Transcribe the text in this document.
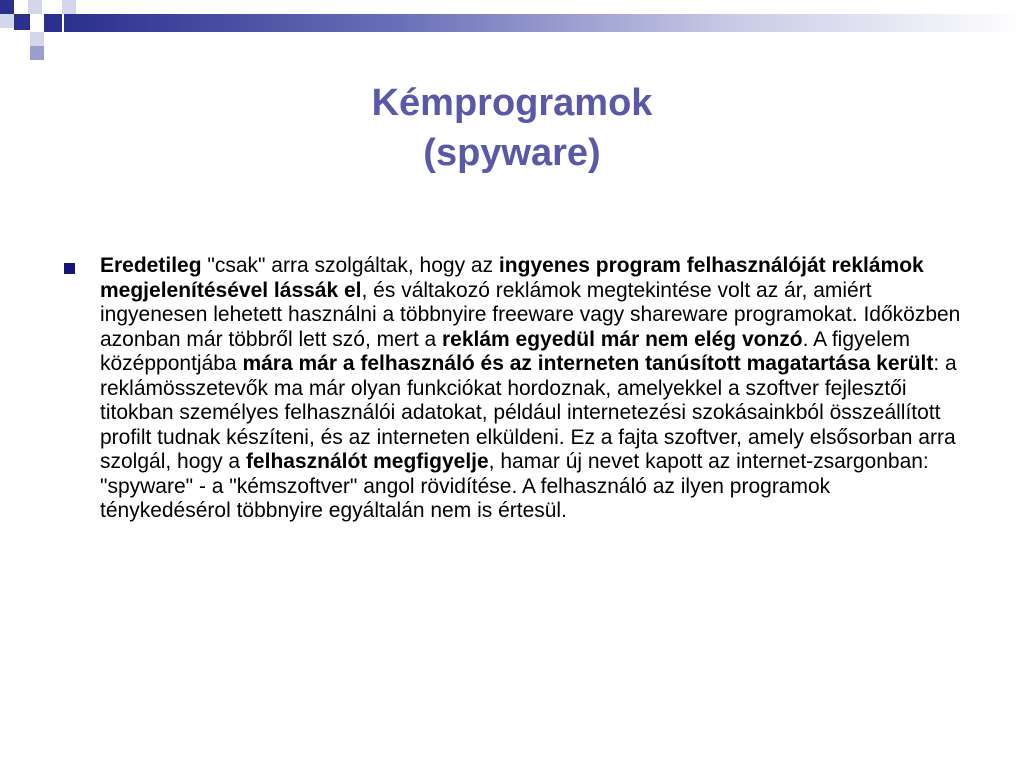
Kémprogramok
(spyware)
Eredetileg "csak" arra szolgáltak, hogy az ingyenes program felhasználóját reklámok megjelenítésével lássák el, és váltakozó reklámok megtekintése volt az ár, amiért ingyenesen lehetett használni a többnyire freeware vagy shareware programokat. Időközben azonban már többről lett szó, mert a reklám egyedül már nem elég vonzó. A figyelem középpontjába mára már a felhasználó és az interneten tanúsított magatartása került: a reklámösszetevők ma már olyan funkciókat hordoznak, amelyekkel a szoftver fejlesztői titokban személyes felhasználói adatokat, például internetezési szokásainkból összeállított profilt tudnak készíteni, és az interneten elküldeni. Ez a fajta szoftver, amely elsősorban arra szolgál, hogy a felhasználót megfigyelje, hamar új nevet kapott az internet-zsargonban: "spyware" - a "kémszoftver" angol rövidítése. A felhasználó az ilyen programok ténykedésérol többnyire egyáltalán nem is értesül.
